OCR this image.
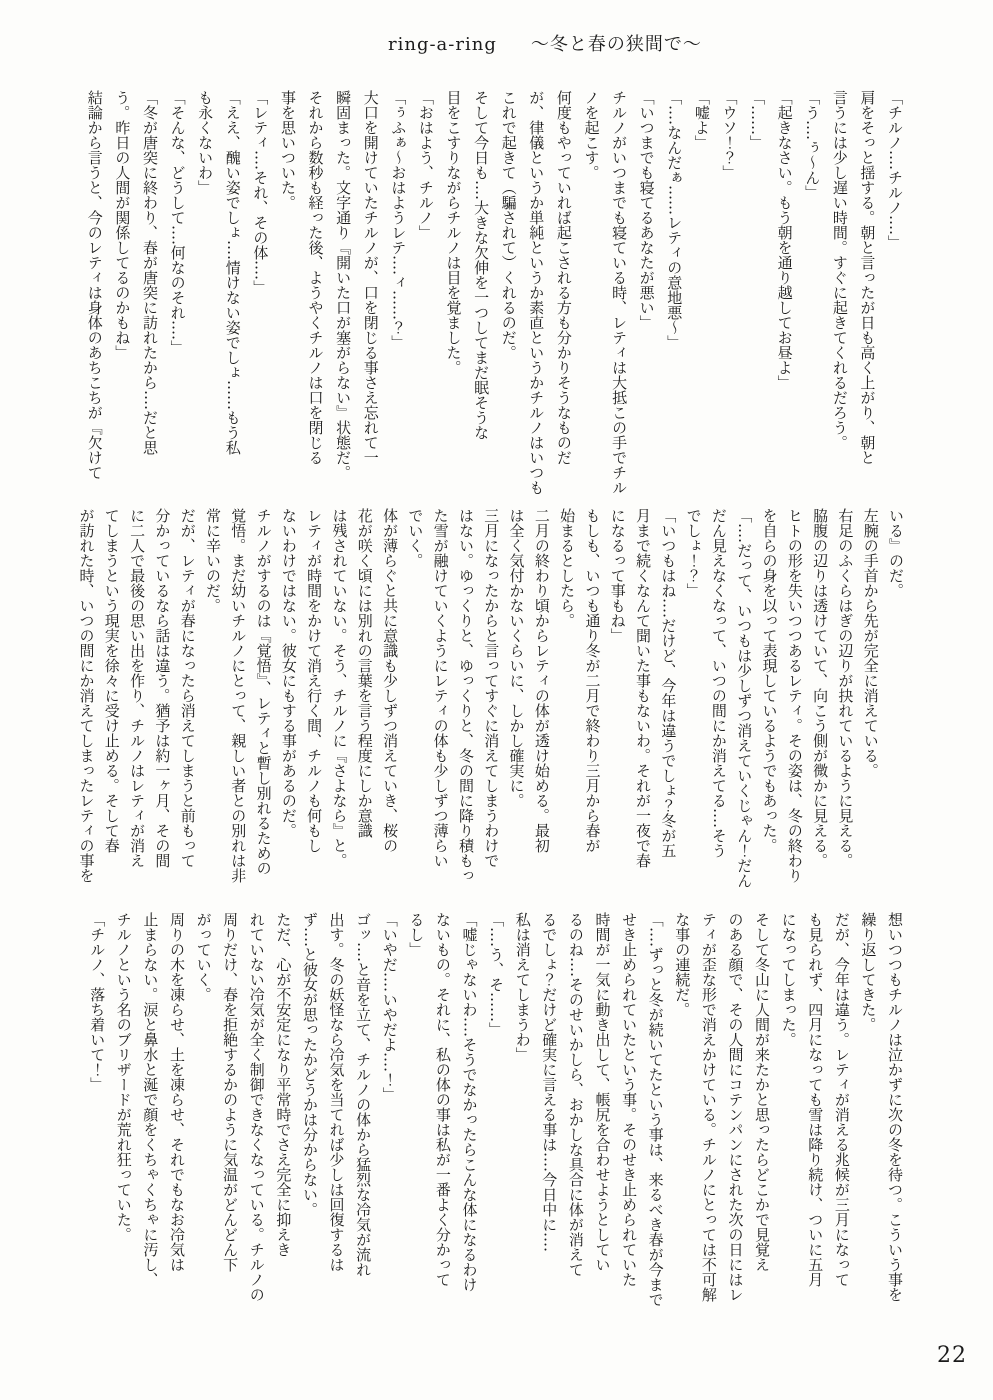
ring-a-ring ～冬と春の狭間で～

「チルノ‥‥チルノ‥‥」

肩をそっと揺する。朝と言ったが日も高く上がり、朝と

言うには少し遅い時間。すぐに起きてくれるだろう。

「う‥‥ぅ～ん」

「起きなさい。もう朝を通り越してお昼よ」

「‥‥‥」

「ウソ！？」

「嘘よ」

「‥‥なんだぁ‥‥‥レティの意地悪～」

「いつまでも寝てるあなたが悪い」

チルノがいつまでも寝ている時、レティは大抵この手でチル

ノを起こす。

何度もやっていれば起こされる方も分かりそうなものだ

が、律儀というか単純というか素直というかチルノはいつも

これで起きて（騙されて）くれるのだ。

そして今日も‥‥大きな欠伸を一つしてまだ眠そうな

目をこすりながらチルノは目を覚ました。

「おはよう、チルノ」

「ぅふぁ～おはようレテ‥‥ィ‥‥‥？」

大口を開けていたチルノが、口を閉じる事さえ忘れて一

瞬固まった。文字通り『開いた口が塞がらない』状態だ。

それから数秒も経った後、ようやくチルノは口を閉じる

事を思いついた。

「レティ‥‥それ、その体‥‥」

「ええ、醜い姿でしょ‥‥情けない姿でしょ‥‥‥もう私

も永くないわ」

「そんな、どうして‥‥何なのそれ‥‥」

「冬が唐突に終わり、春が唐突に訪れたから‥‥だと思

う。昨日の人間が関係してるのかもね」

結論から言うと、今のレティは身体のあちこちが『欠けて

いる』のだ。

左腕の手首から先が完全に消えている。

右足のふくらはぎの辺りが抉れているように見える。

脇腹の辺りは透けていて、向こう側が微かに見える。

ヒトの形を失いつつあるレティ。その姿は、冬の終わり

を自らの身を以って表現しているようでもあった。

「‥‥だって、いつもは少しずつ消えていくじゃん！だん

だん見えなくなって、いつの間にか消えてる‥‥そう

でしょ！？」

「いつもはね‥‥だけど、今年は違うでしょ？冬が五

月まで続くなんて聞いた事もないわ。それが一夜で春

になるって事もね」

もしも、いつも通り冬が二月で終わり三月から春が

始まるとしたら。

二月の終わり頃からレティの体が透け始める。最初

は全く気付かないくらいに、しかし確実に。

三月になったからと言ってすぐに消えてしまうわけで

はない。ゆっくりと、ゆっくりと、冬の間に降り積もっ

た雪が融けていくようにレティの体も少しずつ薄らい

でいく。

体が薄らぐと共に意識も少しずつ消えていき、桜の

花が咲く頃には別れの言葉を言う程度にしか意識

は残されていない。そう、チルノに『さよなら』と。

レティが時間をかけて消え行く間、チルノも何もし

ないわけではない。彼女にもする事があるのだ。

チルノがするのは『覚悟』、レティと暫し別れるための

覚悟。まだ幼いチルノにとって、親しい者との別れは非

常に辛いのだ。

だが、レティが春になったら消えてしまうと前もって

分かっているなら話は違う。猶予は約一ヶ月、その間

に二人で最後の思い出を作り、チルノはレティが消え

てしまうという現実を徐々に受け止める。そして春

が訪れた時、いつの間にか消えてしまったレティの事を

想いつつもチルノは泣かずに次の冬を待つ。こういう事を

繰り返してきた。

だが、今年は違う。レティが消える兆候が三月になって

も見られず、四月になっても雪は降り続け、ついに五月

になってしまった。

そして冬山に人間が来たかと思ったらどこかで見覚え

のある顔で、その人間にコテンパンにされた次の日にはレ

ティが歪な形で消えかけている。チルノにとっては不可解

な事の連続だ。

「‥‥ずっと冬が続いてたという事は、来るべき春が今まで

せき止められていたという事。そのせき止められていた

時間が一気に動き出して、帳尻を合わせようとしてい

るのね‥‥そのせいかしら、おかしな具合に体が消えて

るでしょ？だけど確実に言える事は‥‥今日中に‥‥

私は消えてしまうわ」

「‥‥う、そ‥‥‥」

「嘘じゃないわ‥‥そうでなかったらこんな体になるわけ

ないもの。それに、私の体の事は私が一番よく分かって

るし」

「いやだ‥‥いやだよ‥‥！」

ゴッ‥‥と音を立て、チルノの体から猛烈な冷気が流れ

出す。冬の妖怪なら冷気を当てれば少しは回復するは

ず‥‥と彼女が思ったかどうかは分からない。

ただ、心が不安定になり平常時でさえ完全に抑えき

れていない冷気が全く制御できなくなっている。チルノの

周りだけ、春を拒絶するかのように気温がどんどん下

がっていく。

周りの木を凍らせ、土を凍らせ、それでもなお冷気は

止まらない。涙と鼻水と涎で顔をくちゃくちゃに汚し、

チルノという名のブリザードが荒れ狂っていた。

「チルノ、落ち着いて！」

22
